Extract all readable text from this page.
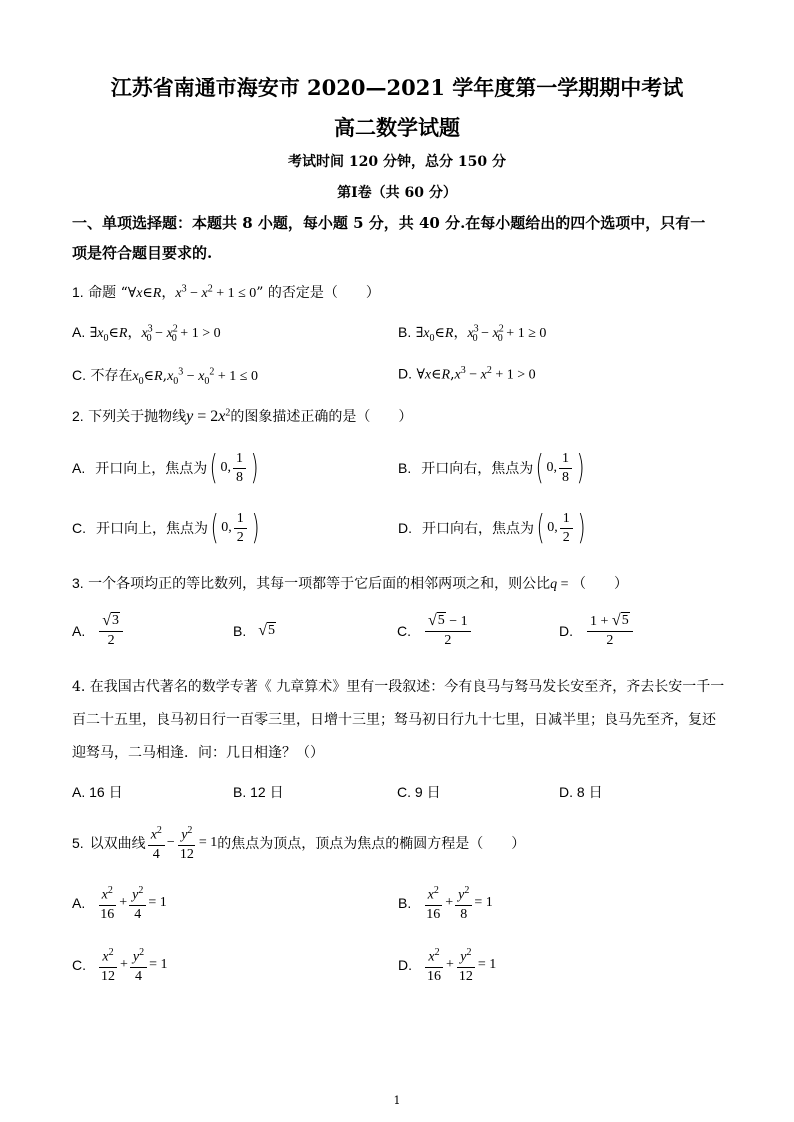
江苏省南通市海安市 2020—2021 学年度第一学期期中考试
高二数学试题
考试时间 120 分钟，总分 150 分
第Ⅰ卷（共 60 分）
一、单项选择题：本题共 8 小题，每小题 5 分，共 40 分.在每小题给出的四个选项中，只有一
项是符合题目要求的.
1. 命题 “∀x∈R，$x^3 - x^2 + 1 \le 0$” 的否定是（　　）
A. $\exists x_0\in R$，$x^3_0 - x^2_0 + 1 > 0$	B. $\exists x_0\in R$，$x^3_0 - x^2_0 + 1 \ge 0$
C. 不存在$x_0\in R,x_0^3 - x_0^2 + 1 \le 0$	D. $\forall x\in R,x^3 - x^2 + 1 > 0$
2. 下列关于抛物线$y = 2x^2$的图象描述正确的是（　　）
A. 开口向上，焦点为 ( 0, $\frac{1}{8}$ )	B. 开口向右，焦点为 ( 0, $\frac{1}{8}$ )
C. 开口向上，焦点为 ( 0, $\frac{1}{2}$ )	D. 开口向右，焦点为 ( 0, $\frac{1}{2}$ )
3. 一个各项均正的等比数列，其每一项都等于它后面的相邻两项之和，则公比q = （　　）
A. $\frac{√ 3}{2}$	B. √ 5	C. $\frac{√ 5 - 1}{2}$	D. $\frac{1 + √ 5}{2}$
4. 在我国古代著名的数学专著《 九章算术》里有一段叙述：今有良马与驽马发长安至齐，齐去长安一千一
百二十五里，良马初日行一百零三里，日增十三里；驽马初日行九十七里，日减半里；良马先至齐，复还
迎驽马，二马相逢．问：几日相逢？（）
A. 16 日	B. 12 日	C. 9 日	D. 8 日
5. 以双曲线 $\frac{x^2}{4} - \frac{y^2}{12} = 1$ 的焦点为顶点，顶点为焦点的椭圆方程是（　　）
A. $\frac{x^2}{16} + \frac{y^2}{4} = 1$	B. $\frac{x^2}{16} + \frac{y^2}{8} = 1$
C. $\frac{x^2}{12} + \frac{y^2}{4} = 1$	D. $\frac{x^2}{16} + \frac{y^2}{12} = 1$
1
